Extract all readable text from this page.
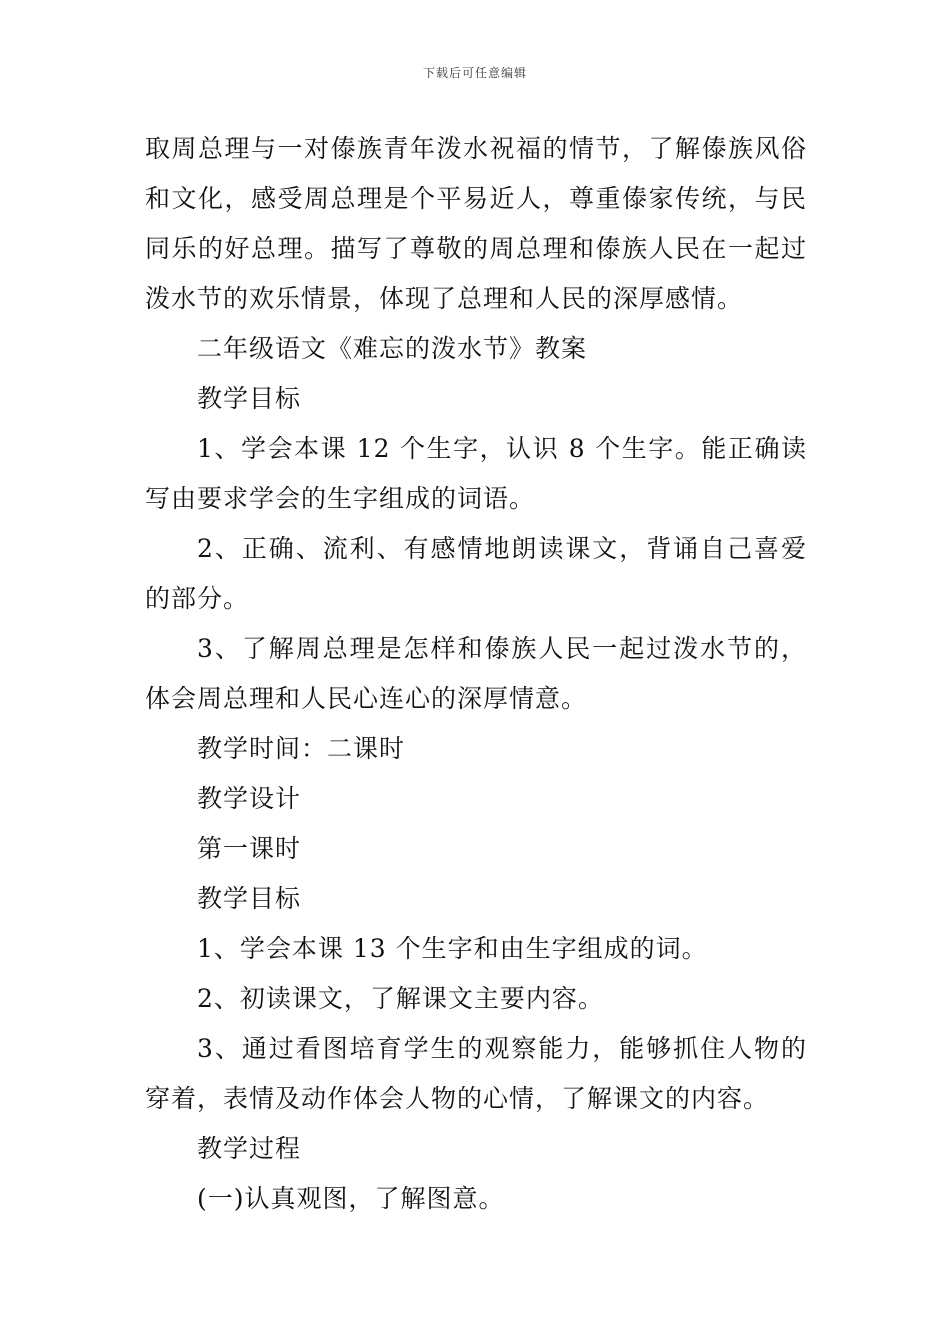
下载后可任意编辑

取周总理与一对傣族青年泼水祝福的情节，了解傣族风俗和文化，感受周总理是个平易近人，尊重傣家传统，与民同乐的好总理。描写了尊敬的周总理和傣族人民在一起过泼水节的欢乐情景，体现了总理和人民的深厚感情。

二年级语文《难忘的泼水节》教案

教学目标

1、学会本课 12 个生字，认识 8 个生字。能正确读写由要求学会的生字组成的词语。

2、正确、流利、有感情地朗读课文，背诵自己喜爱的部分。

3、了解周总理是怎样和傣族人民一起过泼水节的，体会周总理和人民心连心的深厚情意。

教学时间：二课时

教学设计

第一课时

教学目标

1、学会本课 13 个生字和由生字组成的词。

2、初读课文，了解课文主要内容。

3、通过看图培育学生的观察能力，能够抓住人物的穿着，表情及动作体会人物的心情，了解课文的内容。

教学过程

(一)认真观图，了解图意。
